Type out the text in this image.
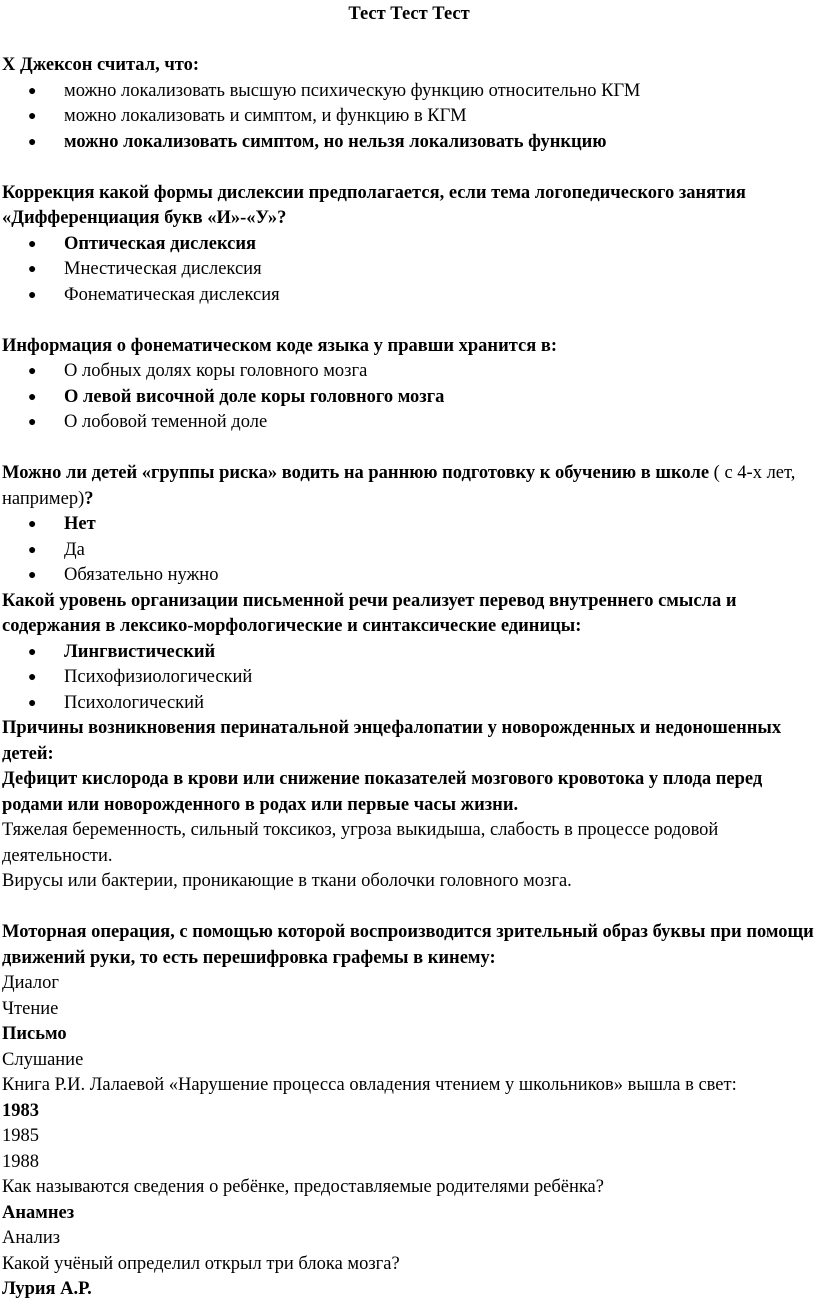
Тест Тест Тест
Х Джексон считал, что:
●	можно локализовать высшую психическую функцию относительно КГМ
●	можно локализовать и симптом, и функцию в КГМ
●	можно локализовать симптом, но нельзя локализовать функцию
Коррекция какой формы дислексии предполагается, если тема логопедического занятия «Дифференциация букв «И»-«У»?
●	Оптическая дислексия
●	Мнестическая дислексия
●	Фонематическая дислексия
Информация о фонематическом коде языка у правши хранится в:
●	О лобных долях коры головного мозга
●	О левой височной доле коры головного мозга
●	О лобовой теменной доле
Можно ли детей «группы риска» водить на раннюю подготовку к обучению в школе ( с 4-х лет, например)?
●	Нет
●	Да
●	Обязательно нужно
Какой уровень организации письменной речи реализует перевод внутреннего смысла и содержания в лексико-морфологические и синтаксические единицы:
●	Лингвистический
●	Психофизиологический
●	Психологический
Причины возникновения перинатальной энцефалопатии у новорожденных и недоношенных детей:
Дефицит кислорода в крови или снижение показателей мозгового кровотока у плода перед родами или новорожденного в родах или первые часы жизни.
Тяжелая беременность, сильный токсикоз, угроза выкидыша, слабость в процессе родовой деятельности.
Вирусы или бактерии, проникающие в ткани оболочки головного мозга.
Моторная операция, с помощью которой воспроизводится зрительный образ буквы при помощи движений руки, то есть перешифровка графемы в кинему:
Диалог
Чтение
Письмо
Слушание
Книга Р.И. Лалаевой «Нарушение процесса овладения чтением у школьников» вышла в свет:
1983
1985
1988
Как называются сведения о ребёнке, предоставляемые родителями ребёнка?
Анамнез
Анализ
Какой учёный определил открыл три блока мозга?
Лурия А.Р.
